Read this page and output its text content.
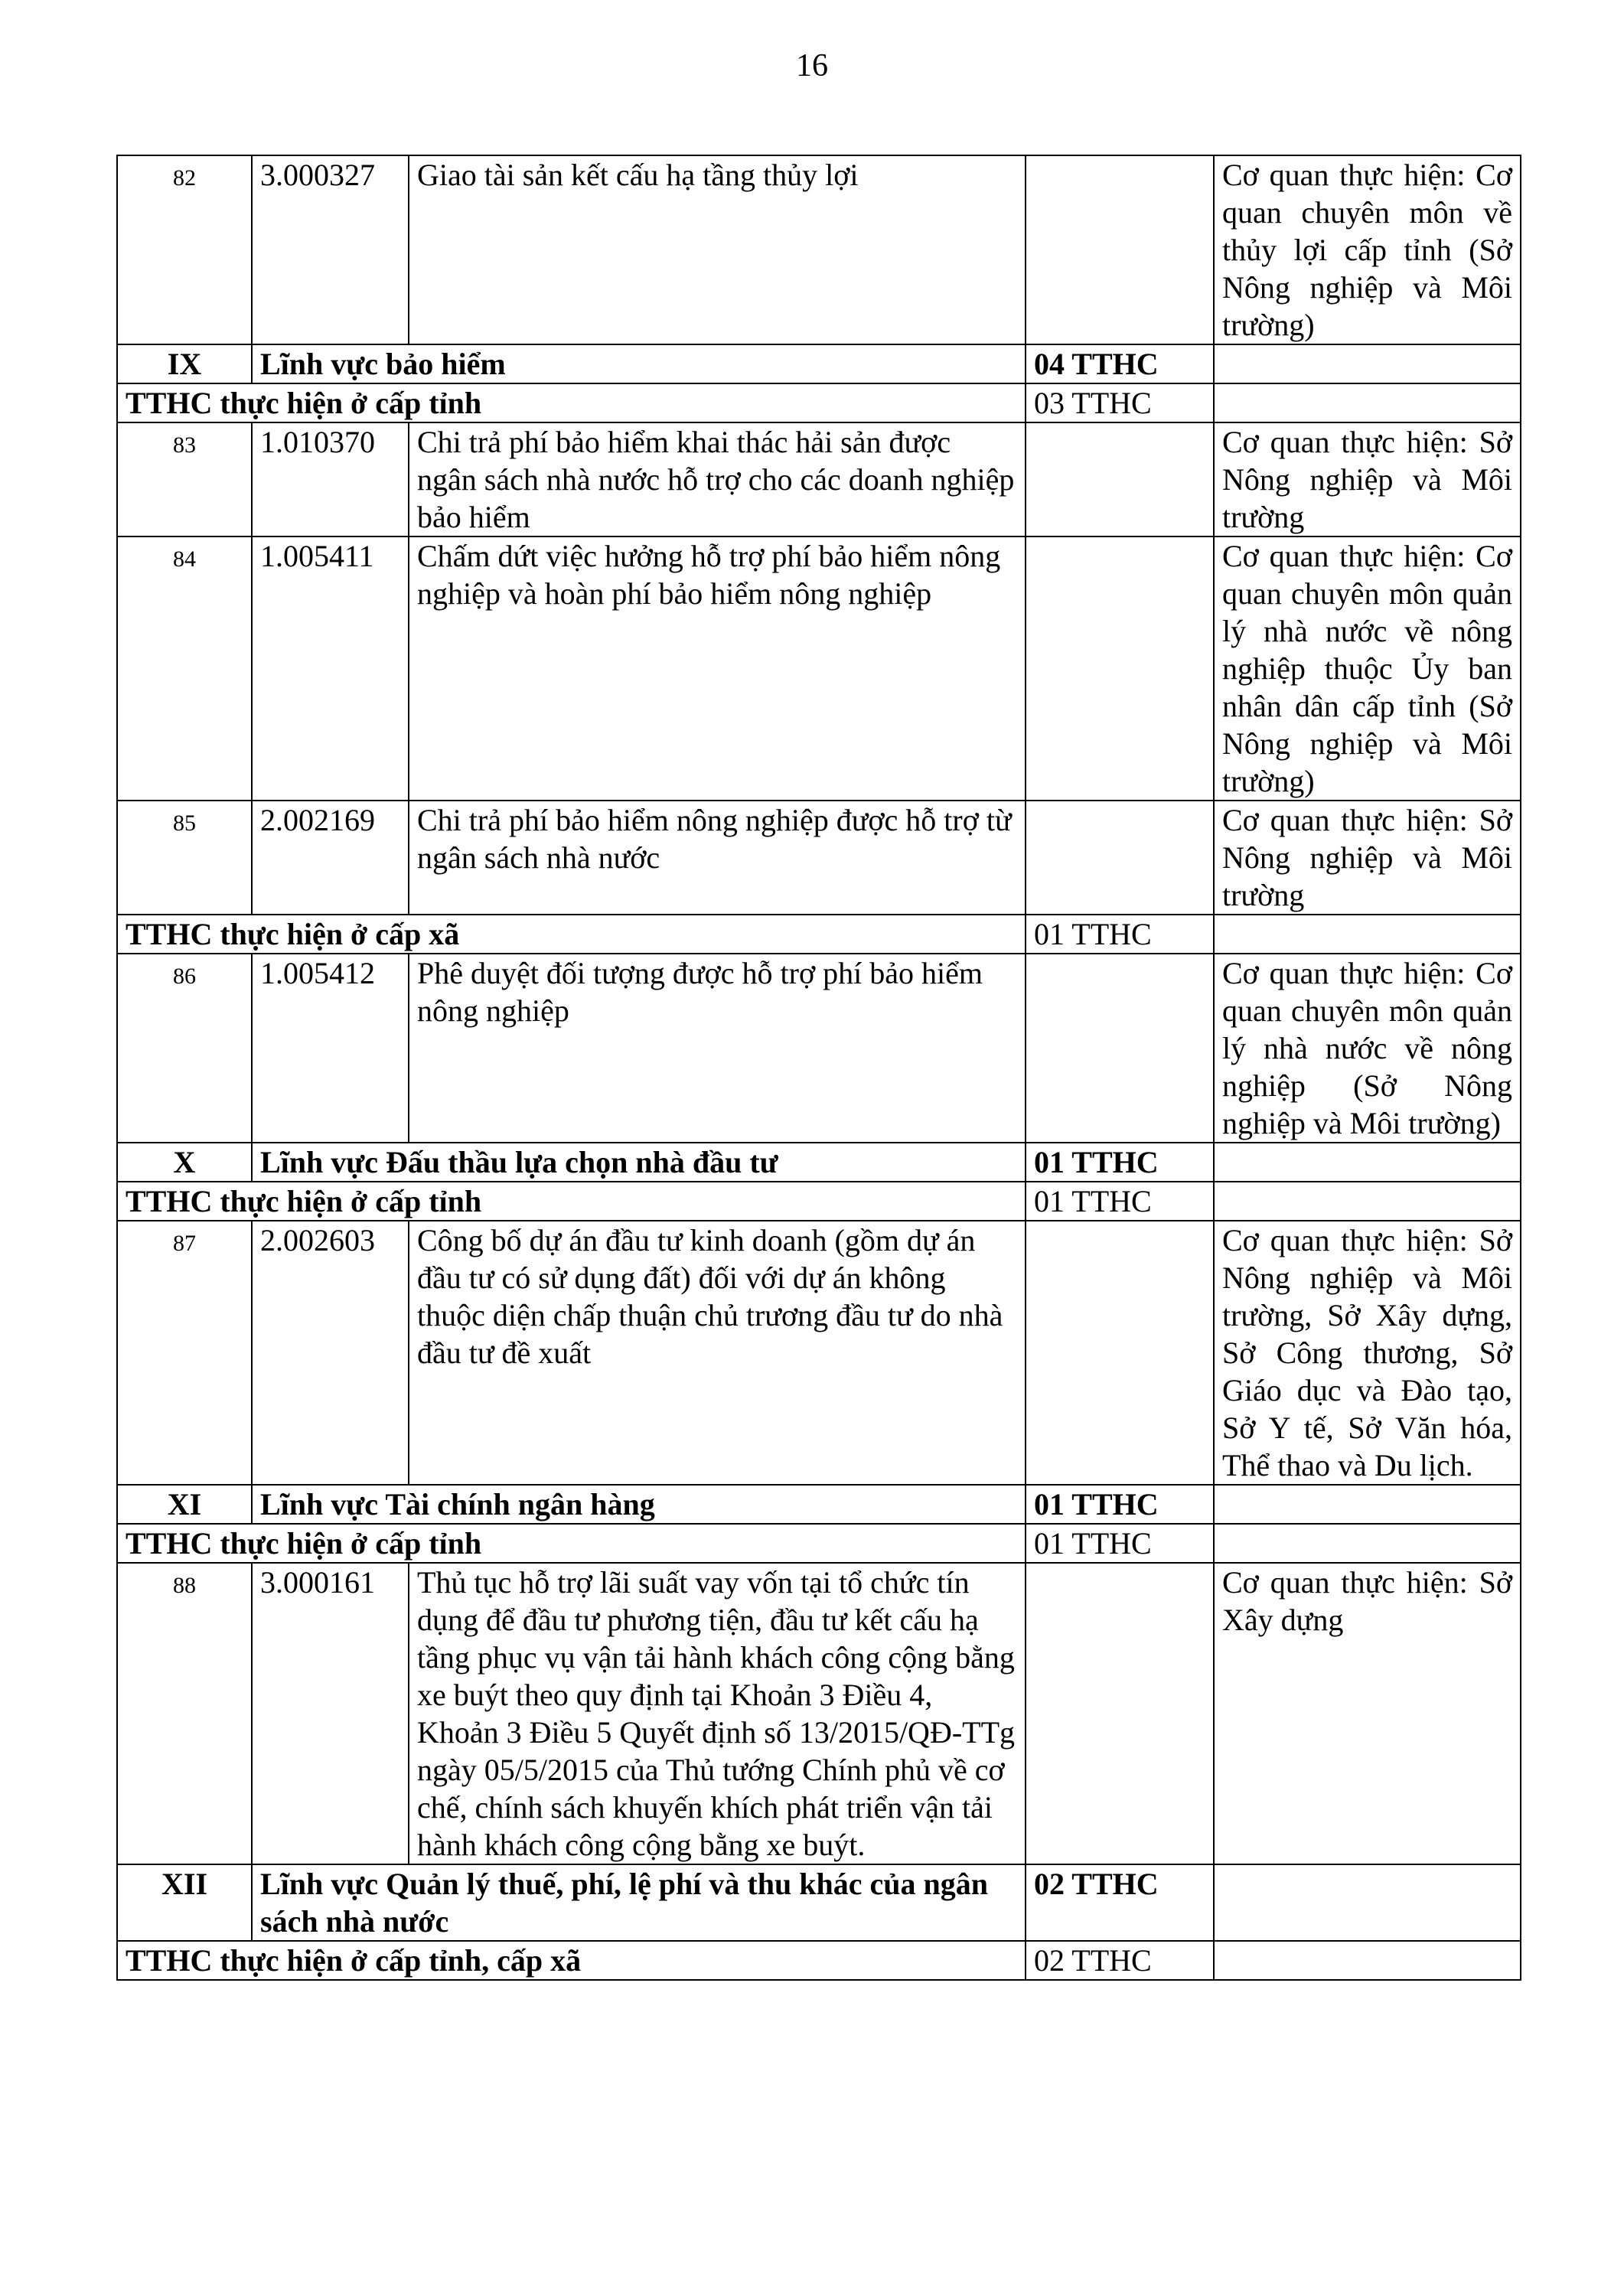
16
82	3.000327	Giao tài sản kết cấu hạ tầng thủy lợi		Cơ quan thực hiện: Cơ quan chuyên môn về thủy lợi cấp tỉnh (Sở Nông nghiệp và Môi trường)
IX	Lĩnh vực bảo hiểm		04 TTHC	
TTHC thực hiện ở cấp tỉnh			03 TTHC	
83	1.010370	Chi trả phí bảo hiểm khai thác hải sản được ngân sách nhà nước hỗ trợ cho các doanh nghiệp bảo hiểm		Cơ quan thực hiện: Sở Nông nghiệp và Môi trường
84	1.005411	Chấm dứt việc hưởng hỗ trợ phí bảo hiểm nông nghiệp và hoàn phí bảo hiểm nông nghiệp		Cơ quan thực hiện: Cơ quan chuyên môn quản lý nhà nước về nông nghiệp thuộc Ủy ban nhân dân cấp tỉnh (Sở Nông nghiệp và Môi trường)
85	2.002169	Chi trả phí bảo hiểm nông nghiệp được hỗ trợ từ ngân sách nhà nước		Cơ quan thực hiện: Sở Nông nghiệp và Môi trường
TTHC thực hiện ở cấp xã			01 TTHC	
86	1.005412	Phê duyệt đối tượng được hỗ trợ phí bảo hiểm nông nghiệp		Cơ quan thực hiện: Cơ quan chuyên môn quản lý nhà nước về nông nghiệp (Sở Nông nghiệp và Môi trường)
X	Lĩnh vực Đấu thầu lựa chọn nhà đầu tư		01 TTHC	
TTHC thực hiện ở cấp tỉnh			01 TTHC	
87	2.002603	Công bố dự án đầu tư kinh doanh (gồm dự án đầu tư có sử dụng đất) đối với dự án không thuộc diện chấp thuận chủ trương đầu tư do nhà đầu tư đề xuất		Cơ quan thực hiện: Sở Nông nghiệp và Môi trường, Sở Xây dựng, Sở Công thương, Sở Giáo dục và Đào tạo, Sở Y tế, Sở Văn hóa, Thể thao và Du lịch.
XI	Lĩnh vực Tài chính ngân hàng		01 TTHC	
TTHC thực hiện ở cấp tỉnh			01 TTHC	
88	3.000161	Thủ tục hỗ trợ lãi suất vay vốn tại tổ chức tín dụng để đầu tư phương tiện, đầu tư kết cấu hạ tầng phục vụ vận tải hành khách công cộng bằng xe buýt theo quy định tại Khoản 3 Điều 4, Khoản 3 Điều 5 Quyết định số 13/2015/QĐ-TTg ngày 05/5/2015 của Thủ tướng Chính phủ về cơ chế, chính sách khuyến khích phát triển vận tải hành khách công cộng bằng xe buýt.		Cơ quan thực hiện: Sở Xây dựng
XII	Lĩnh vực Quản lý thuế, phí, lệ phí và thu khác của ngân sách nhà nước		02 TTHC	
TTHC thực hiện ở cấp tỉnh, cấp xã			02 TTHC	
